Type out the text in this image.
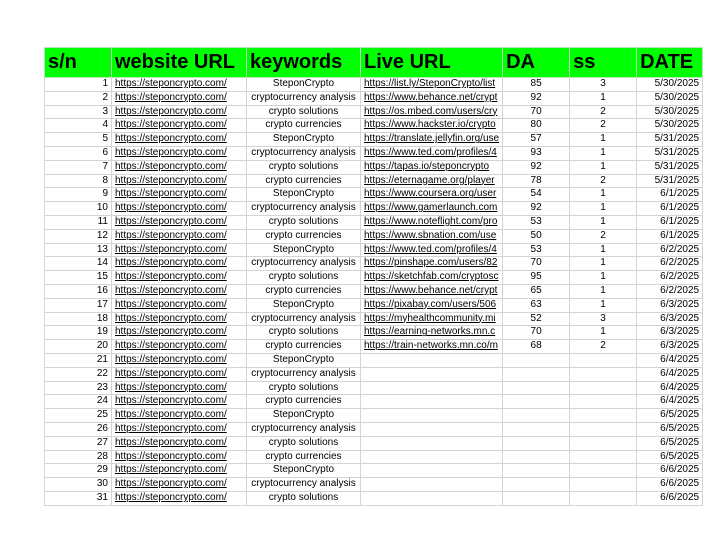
s/n	website URL	keywords	Live URL	DA	ss	DATE
1	https://steponcrypto.com/	SteponCrypto	https://list.ly/SteponCrypto/list	85	3	5/30/2025
2	https://steponcrypto.com/	cryptocurrency analysis	https://www.behance.net/crypt	92	1	5/30/2025
3	https://steponcrypto.com/	crypto solutions	https://os.mbed.com/users/cry	70	2	5/30/2025
4	https://steponcrypto.com/	crypto currencies	https://www.hackster.io/crypto	80	2	5/30/2025
5	https://steponcrypto.com/	SteponCrypto	https://translate.jellyfin.org/use	57	1	5/31/2025
6	https://steponcrypto.com/	cryptocurrency analysis	https://www.ted.com/profiles/4	93	1	5/31/2025
7	https://steponcrypto.com/	crypto solutions	https://tapas.io/steponcrypto	92	1	5/31/2025
8	https://steponcrypto.com/	crypto currencies	https://eternagame.org/player	78	2	5/31/2025
9	https://steponcrypto.com/	SteponCrypto	https://www.coursera.org/user	54	1	6/1/2025
10	https://steponcrypto.com/	cryptocurrency analysis	https://www.gamerlaunch.com	92	1	6/1/2025
11	https://steponcrypto.com/	crypto solutions	https://www.noteflight.com/pro	53	1	6/1/2025
12	https://steponcrypto.com/	crypto currencies	https://www.sbnation.com/use	50	2	6/1/2025
13	https://steponcrypto.com/	SteponCrypto	https://www.ted.com/profiles/4	53	1	6/2/2025
14	https://steponcrypto.com/	cryptocurrency analysis	https://pinshape.com/users/82	70	1	6/2/2025
15	https://steponcrypto.com/	crypto solutions	https://sketchfab.com/cryptosc	95	1	6/2/2025
16	https://steponcrypto.com/	crypto currencies	https://www.behance.net/crypt	65	1	6/2/2025
17	https://steponcrypto.com/	SteponCrypto	https://pixabay.com/users/506	63	1	6/3/2025
18	https://steponcrypto.com/	cryptocurrency analysis	https://myhealthcommunity.mi	52	3	6/3/2025
19	https://steponcrypto.com/	crypto solutions	https://earning-networks.mn.c	70	1	6/3/2025
20	https://steponcrypto.com/	crypto currencies	https://train-networks.mn.co/m	68	2	6/3/2025
21	https://steponcrypto.com/	SteponCrypto				6/4/2025
22	https://steponcrypto.com/	cryptocurrency analysis				6/4/2025
23	https://steponcrypto.com/	crypto solutions				6/4/2025
24	https://steponcrypto.com/	crypto currencies				6/4/2025
25	https://steponcrypto.com/	SteponCrypto				6/5/2025
26	https://steponcrypto.com/	cryptocurrency analysis				6/5/2025
27	https://steponcrypto.com/	crypto solutions				6/5/2025
28	https://steponcrypto.com/	crypto currencies				6/5/2025
29	https://steponcrypto.com/	SteponCrypto				6/6/2025
30	https://steponcrypto.com/	cryptocurrency analysis				6/6/2025
31	https://steponcrypto.com/	crypto solutions				6/6/2025
